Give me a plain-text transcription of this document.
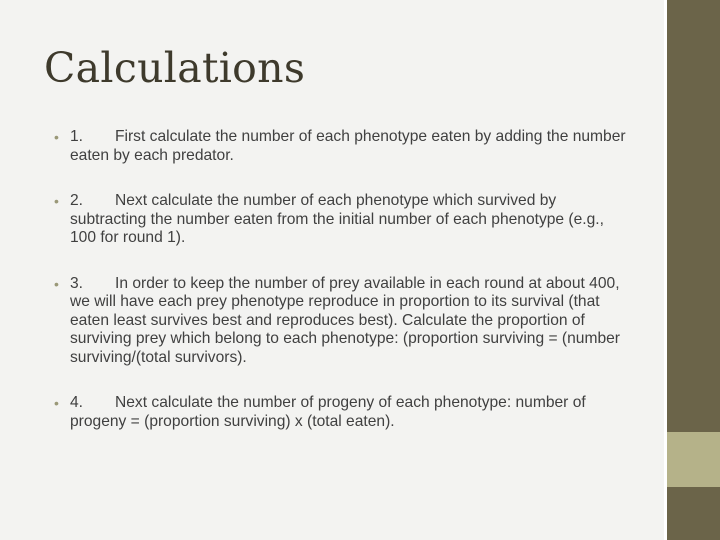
Calculations
• 1. First calculate the number of each phenotype eaten by adding the number eaten by each predator.
• 2. Next calculate the number of each phenotype which survived by subtracting the number eaten from the initial number of each phenotype (e.g., 100 for round 1).
• 3. In order to keep the number of prey available in each round at about 400, we will have each prey phenotype reproduce in proportion to its survival (that eaten least survives best and reproduces best). Calculate the proportion of surviving prey which belong to each phenotype: (proportion surviving = (number surviving/(total survivors).
• 4. Next calculate the number of progeny of each phenotype: number of progeny = (proportion surviving) x (total eaten).
